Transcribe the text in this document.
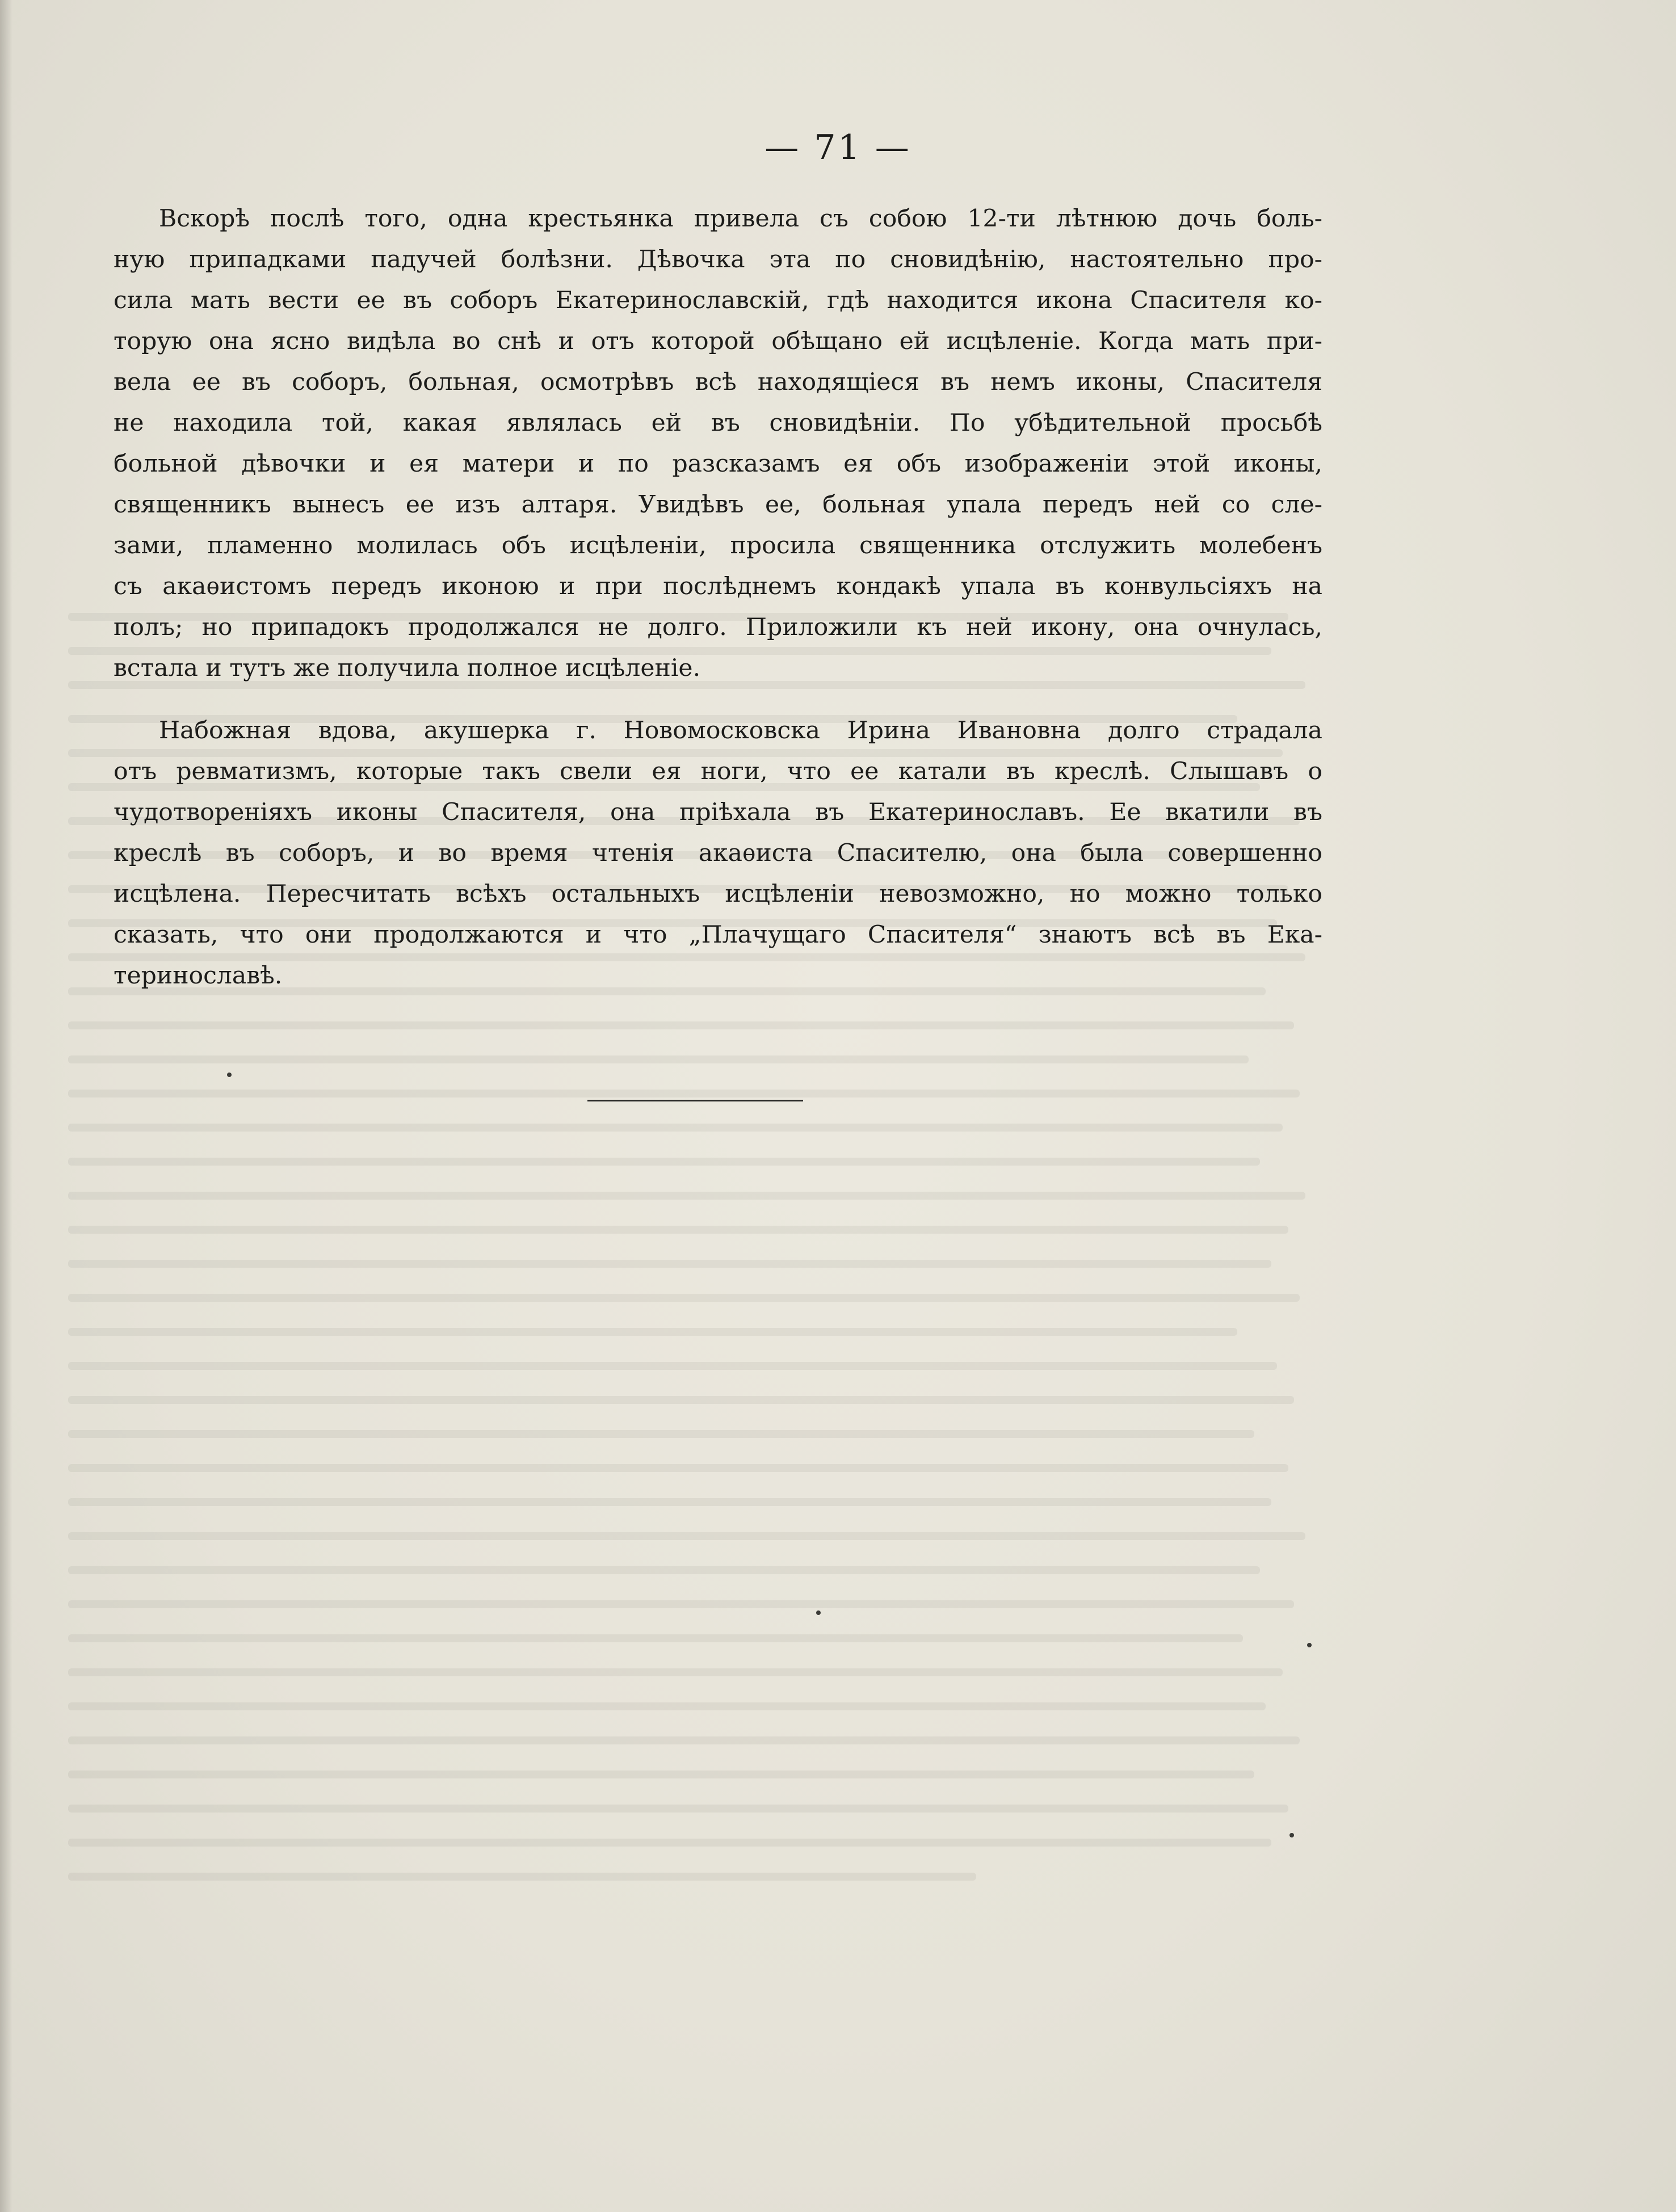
— 71 —
Вскорѣ послѣ того, одна крестьянка привела съ собою 12-ти лѣтнюю дочь боль-
ную припадками падучей болѣзни. Дѣвочка эта по сновидѣнію, настоятельно про-
сила мать вести ее въ соборъ Екатеринославскій, гдѣ находится икона Спасителя ко-
торую она ясно видѣла во снѣ и отъ которой обѣщано ей исцѣленіе. Когда мать при-
вела ее въ соборъ, больная, осмотрѣвъ всѣ находящіеся въ немъ иконы, Спасителя
не находила той, какая являлась ей въ сновидѣніи. По убѣдительной просьбѣ
больной дѣвочки и ея матери и по разсказамъ ея объ изображеніи этой иконы,
священникъ вынесъ ее изъ алтаря. Увидѣвъ ее, больная упала передъ ней со сле-
зами, пламенно молилась объ исцѣленіи, просила священника отслужить молебенъ
съ акаѳистомъ передъ иконою и при послѣднемъ кондакѣ упала въ конвульсіяхъ на
полъ; но припадокъ продолжался не долго. Приложили къ ней икону, она очнулась,
встала и тутъ же получила полное исцѣленіе.
Набожная вдова, акушерка г. Новомосковска Ирина Ивановна долго страдала
отъ ревматизмъ, которые такъ свели ея ноги, что ее катали въ креслѣ. Слышавъ о
чудотвореніяхъ иконы Спасителя, она пріѣхала въ Екатеринославъ. Ее вкатили въ
креслѣ въ соборъ, и во время чтенія акаѳиста Спасителю, она была совершенно
исцѣлена. Пересчитать всѣхъ остальныхъ исцѣленіи невозможно, но можно только
сказать, что они продолжаются и что „Плачущаго Спасителя“ знаютъ всѣ въ Ека-
теринославѣ.
